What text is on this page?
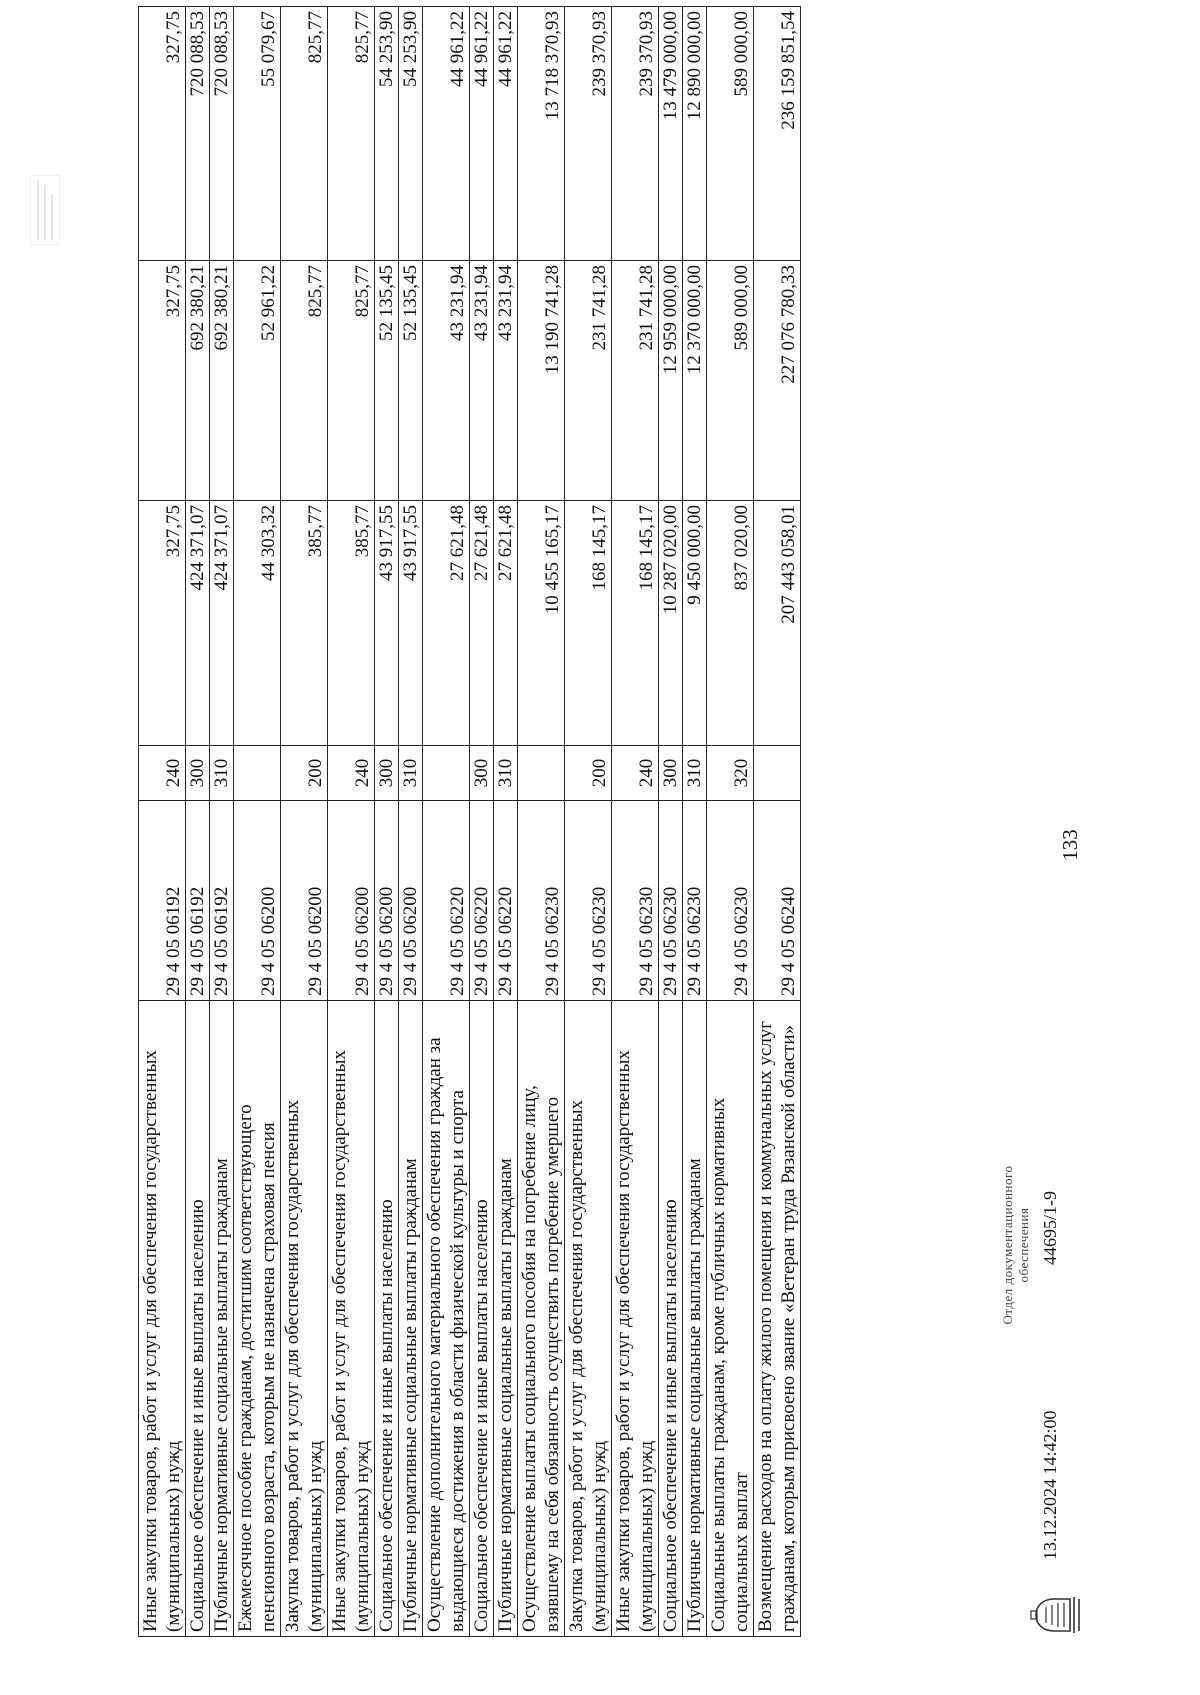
133
Иные закупки товаров, работ и услуг для обеспечения государственных (муниципальных) нужд	29 4 05 06192	240	327,75	327,75	327,75
Социальное обеспечение и иные выплаты населению	29 4 05 06192	300	424 371,07	692 380,21	720 088,53
Публичные нормативные социальные выплаты гражданам	29 4 05 06192	310	424 371,07	692 380,21	720 088,53
Ежемесячное пособие гражданам, достигшим соответствующего пенсионного возраста, которым не назначена страховая пенсия	29 4 05 06200		44 303,32	52 961,22	55 079,67
Закупка товаров, работ и услуг для обеспечения государственных (муниципальных) нужд	29 4 05 06200	200	385,77	825,77	825,77
Иные закупки товаров, работ и услуг для обеспечения государственных (муниципальных) нужд	29 4 05 06200	240	385,77	825,77	825,77
Социальное обеспечение и иные выплаты населению	29 4 05 06200	300	43 917,55	52 135,45	54 253,90
Публичные нормативные социальные выплаты гражданам	29 4 05 06200	310	43 917,55	52 135,45	54 253,90
Осуществление дополнительного материального обеспечения граждан за выдающиеся достижения в области физической культуры и спорта	29 4 05 06220		27 621,48	43 231,94	44 961,22
Социальное обеспечение и иные выплаты населению	29 4 05 06220	300	27 621,48	43 231,94	44 961,22
Публичные нормативные социальные выплаты гражданам	29 4 05 06220	310	27 621,48	43 231,94	44 961,22
Осуществление выплаты социального пособия на погребение лицу, взявшему на себя обязанность осуществить погребение умершего	29 4 05 06230		10 455 165,17	13 190 741,28	13 718 370,93
Закупка товаров, работ и услуг для обеспечения государственных (муниципальных) нужд	29 4 05 06230	200	168 145,17	231 741,28	239 370,93
Иные закупки товаров, работ и услуг для обеспечения государственных (муниципальных) нужд	29 4 05 06230	240	168 145,17	231 741,28	239 370,93
Социальное обеспечение и иные выплаты населению	29 4 05 06230	300	10 287 020,00	12 959 000,00	13 479 000,00
Публичные нормативные социальные выплаты гражданам	29 4 05 06230	310	9 450 000,00	12 370 000,00	12 890 000,00
Социальные выплаты гражданам, кроме публичных нормативных социальных выплат	29 4 05 06230	320	837 020,00	589 000,00	589 000,00
Возмещение расходов на оплату жилого помещения и коммунальных услуг гражданам, которым присвоено звание «Ветеран труда Рязанской области»	29 4 05 06240		207 443 058,01	227 076 780,33	236 159 851,54
13.12.2024 14:42:00
44695/1-9
Отдел документационного обеспечения
